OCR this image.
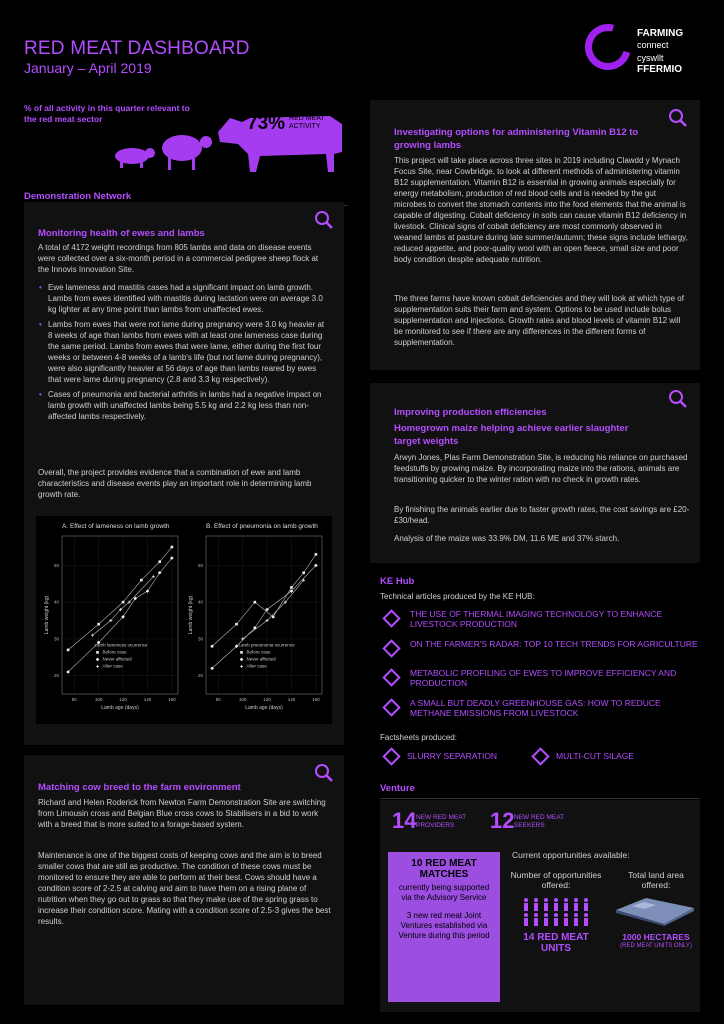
RED MEAT DASHBOARD
January – April 2019
FARMING
connect
cyswllt
FFERMIO
% of all activity in this quarter relevant to the red meat sector	73% RED MEAT ACTIVITY
Demonstration Network
Monitoring health of ewes and lambs
A total of 4172 weight recordings from 805 lambs and data on disease events were collected over a six-month period in a commercial pedigree sheep flock at the Innovis Innovation Site.
• Ewe lameness and mastitis cases had a significant impact on lamb growth. Lambs from ewes identified with mastitis during lactation were on average 3.0 kg lighter at any time point than lambs from unaffected ewes.
• Lambs from ewes that were not lame during pregnancy were 3.0 kg heavier at 8 weeks of age than lambs from ewes with at least one lameness case during the same period. Lambs from ewes that were lame, either during the first four weeks or between 4-8 weeks of a lamb's life (but not lame during pregnancy), were also significantly heavier at 56 days of age than lambs reared by ewes that were lame during pregnancy (2.8 and 3.3 kg respectively).
• Cases of pneumonia and bacterial arthritis in lambs had a negative impact on lamb growth with unaffected lambs being 5.5 kg and 2.2 kg less than non-affected lambs respectively.
Overall, the project provides evidence that a combination of ewe and lamb characteristics and disease events play an important role in determining lamb growth rate.
A. Effect of lameness on lamb growth
80	100	120	140	160
20
30
40
50
Lamb age (days)
Lamb weight (kg)
Lamb lameness ocurrence
Before case
Never affected
After case
B. Effect of pneumonia on lamb growth
80	100	120	140	160
20
30
40
50
Lamb age (days)
Lamb weight (kg)
Lamb pneumonia ocurrence
Before case
Never affected
After case
Matching cow breed to the farm environment
Richard and Helen Roderick from Newton Farm Demonstration Site are switching from Limousin cross and Belgian Blue cross cows to Stabilisers in a bid to work with a breed that is more suited to a forage-based system.
Maintenance is one of the biggest costs of keeping cows and the aim is to breed smaller cows that are still as productive. The condition of these cows must be monitored to ensure they are able to perform at their best. Cows should have a condition score of 2-2.5 at calving and aim to have them on a rising plane of nutrition when they go out to grass so that they make use of the spring grass to increase their condition score. Mating with a condition score of 2.5-3 gives the best results.
Investigating options for administering Vitamin B12 to growing lambs
This project will take place across three sites in 2019 including Clawdd y Mynach Focus Site, near Cowbridge, to look at different methods of administering vitamin B12 supplementation. Vitamin B12 is essential in growing animals especially for energy metabolism, production of red blood cells and is needed by the gut microbes to convert the stomach contents into the food elements that the animal is capable of digesting. Cobalt deficiency in soils can cause vitamin B12 deficiency in livestock. Clinical signs of cobalt deficiency are most commonly observed in weaned lambs at pasture during late summer/autumn; these signs include lethargy, reduced appetite, and poor-quality wool with an open fleece, small size and poor body condition despite adequate nutrition.
The three farms have known cobalt deficiencies and they will look at which type of supplementation suits their farm and system. Options to be used include bolus supplementation and injections. Growth rates and blood levels of vitamin B12 will be monitored to see if there are any differences in the different forms of supplementation.
Improving production efficiencies
Homegrown maize helping achieve earlier slaughter target weights
Arwyn Jones, Plas Farm Demonstration Site, is reducing his reliance on purchased feedstuffs by growing maize. By incorporating maize into the rations, animals are transitioning quicker to the winter ration with no check in growth rates.
By finishing the animals earlier due to faster growth rates, the cost savings are £20-£30/head.
Analysis of the maize was 33.9% DM, 11.6 ME and 37% starch.
KE Hub
Technical articles produced by the KE HUB:
THE USE OF THERMAL IMAGING TECHNOLOGY TO ENHANCE LIVESTOCK PRODUCTION
ON THE FARMER'S RADAR: TOP 10 TECH TRENDS FOR AGRICULTURE
METABOLIC PROFILING OF EWES TO IMPROVE EFFICIENCY AND PRODUCTION
A SMALL BUT DEADLY GREENHOUSE GAS: HOW TO REDUCE METHANE EMISSIONS FROM LIVESTOCK
Factsheets produced:
SLURRY SEPARATION	MULTI-CUT SILAGE
Venture
14 NEW RED MEAT PROVIDERS	12 NEW RED MEAT SEEKERS
10 RED MEAT MATCHES
currently being supported via the Advisory Service
3 new red meat Joint Ventures established via Venture during this period
Current opportunities available:
Number of opportunities offered:
14 RED MEAT UNITS
Total land area offered:
1000 HECTARES
(RED MEAT UNITS ONLY)
